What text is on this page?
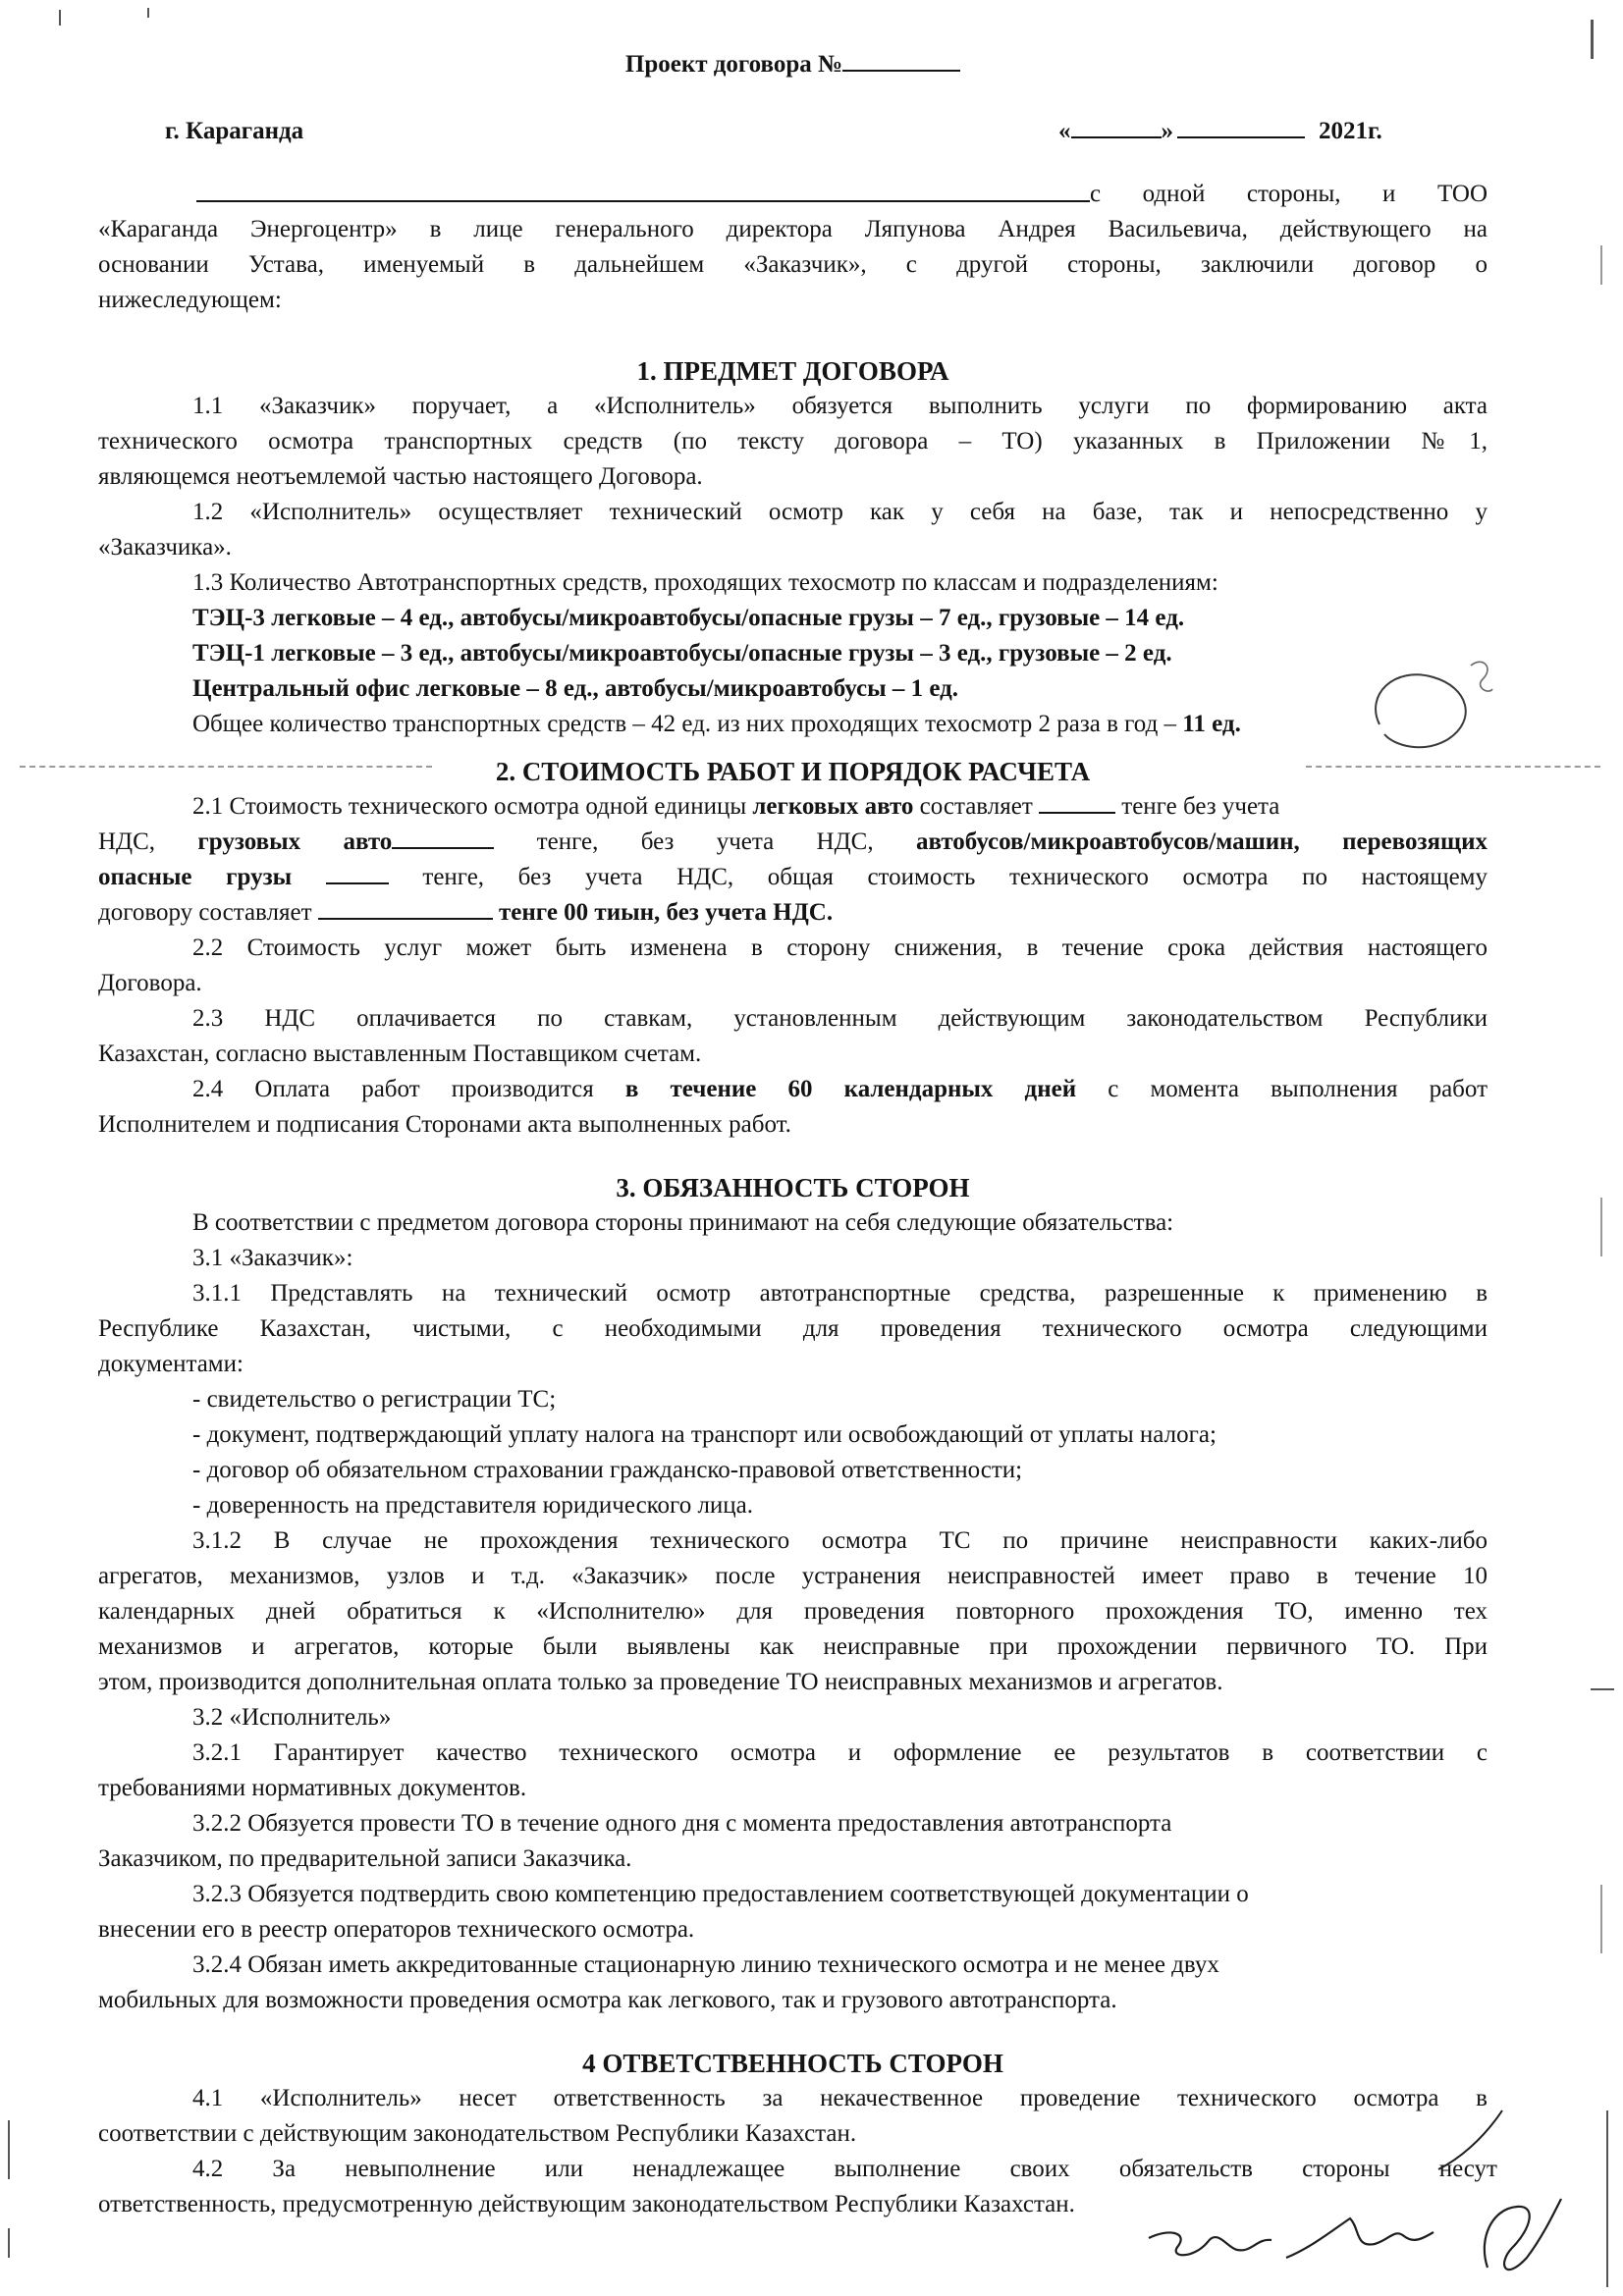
Проект договора №
г. Караганда	«	»	2021г.
с одной стороны, и ТОО
«Караганда Энергоцентр» в лице генерального директора Ляпунова Андрея Васильевича, действующего на
основании Устава, именуемый в дальнейшем «Заказчик», с другой стороны, заключили договор о
нижеследующем:
1. ПРЕДМЕТ ДОГОВОРА
1.1 «Заказчик» поручает, а «Исполнитель» обязуется выполнить услуги по формированию акта
технического осмотра транспортных средств (по тексту договора – ТО) указанных в Приложении №1,
являющемся неотъемлемой частью настоящего Договора.
1.2 «Исполнитель» осуществляет технический осмотр как у себя на базе, так и непосредственно у
«Заказчика».
1.3 Количество Автотранспортных средств, проходящих техосмотр по классам и подразделениям:
ТЭЦ-3 легковые – 4 ед., автобусы/микроавтобусы/опасные грузы – 7 ед., грузовые – 14 ед.
ТЭЦ-1 легковые – 3 ед., автобусы/микроавтобусы/опасные грузы – 3 ед., грузовые – 2 ед.
Центральный офис легковые – 8 ед., автобусы/микроавтобусы – 1 ед.
Общее количество транспортных средств – 42 ед. из них проходящих техосмотр 2 раза в год – 11 ед.
2. СТОИМОСТЬ РАБОТ И ПОРЯДОК РАСЧЕТА
2.1 Стоимость технического осмотра одной единицы легковых авто составляет	тенге без учета
НДС, грузовых авто	тенге, без учета НДС, автобусов/микроавтобусов/машин, перевозящих
опасные грузы	тенге, без учета НДС, общая стоимость технического осмотра по настоящему
договору составляет	тенге 00 тиын, без учета НДС.
2.2 Стоимость услуг может быть изменена в сторону снижения, в течение срока действия настоящего
Договора.
2.3 НДС оплачивается по ставкам, установленным действующим законодательством Республики
Казахстан, согласно выставленным Поставщиком счетам.
2.4 Оплата работ производится в течение 60 календарных дней с момента выполнения работ
Исполнителем и подписания Сторонами акта выполненных работ.
3. ОБЯЗАННОСТЬ СТОРОН
В соответствии с предметом договора стороны принимают на себя следующие обязательства:
3.1 «Заказчик»:
3.1.1 Представлять на технический осмотр автотранспортные средства, разрешенные к применению в
Республике Казахстан, чистыми, с необходимыми для проведения технического осмотра следующими
документами:
- свидетельство о регистрации ТС;
- документ, подтверждающий уплату налога на транспорт или освобождающий от уплаты налога;
- договор об обязательном страховании гражданско-правовой ответственности;
- доверенность на представителя юридического лица.
3.1.2 В случае не прохождения технического осмотра ТС по причине неисправности каких-либо
агрегатов, механизмов, узлов и т.д. «Заказчик» после устранения неисправностей имеет право в течение 10
календарных дней обратиться к «Исполнителю» для проведения повторного прохождения ТО, именно тех
механизмов и агрегатов, которые были выявлены как неисправные при прохождении первичного ТО. При
этом, производится дополнительная оплата только за проведение ТО неисправных механизмов и агрегатов.
3.2 «Исполнитель»
3.2.1 Гарантирует качество технического осмотра и оформление ее результатов в соответствии с
требованиями нормативных документов.
3.2.2 Обязуется провести ТО в течение одного дня с момента предоставления автотранспорта
Заказчиком, по предварительной записи Заказчика.
3.2.3 Обязуется подтвердить свою компетенцию предоставлением соответствующей документации о
внесении его в реестр операторов технического осмотра.
3.2.4 Обязан иметь аккредитованные стационарную линию технического осмотра и не менее двух
мобильных для возможности проведения осмотра как легкового, так и грузового автотранспорта.
4 ОТВЕТСТВЕННОСТЬ СТОРОН
4.1 «Исполнитель» несет ответственность за некачественное проведение технического осмотра в
соответствии с действующим законодательством Республики Казахстан.
4.2 За невыполнение или ненадлежащее выполнение своих обязательств стороны несут
ответственность, предусмотренную действующим законодательством Республики Казахстан.
